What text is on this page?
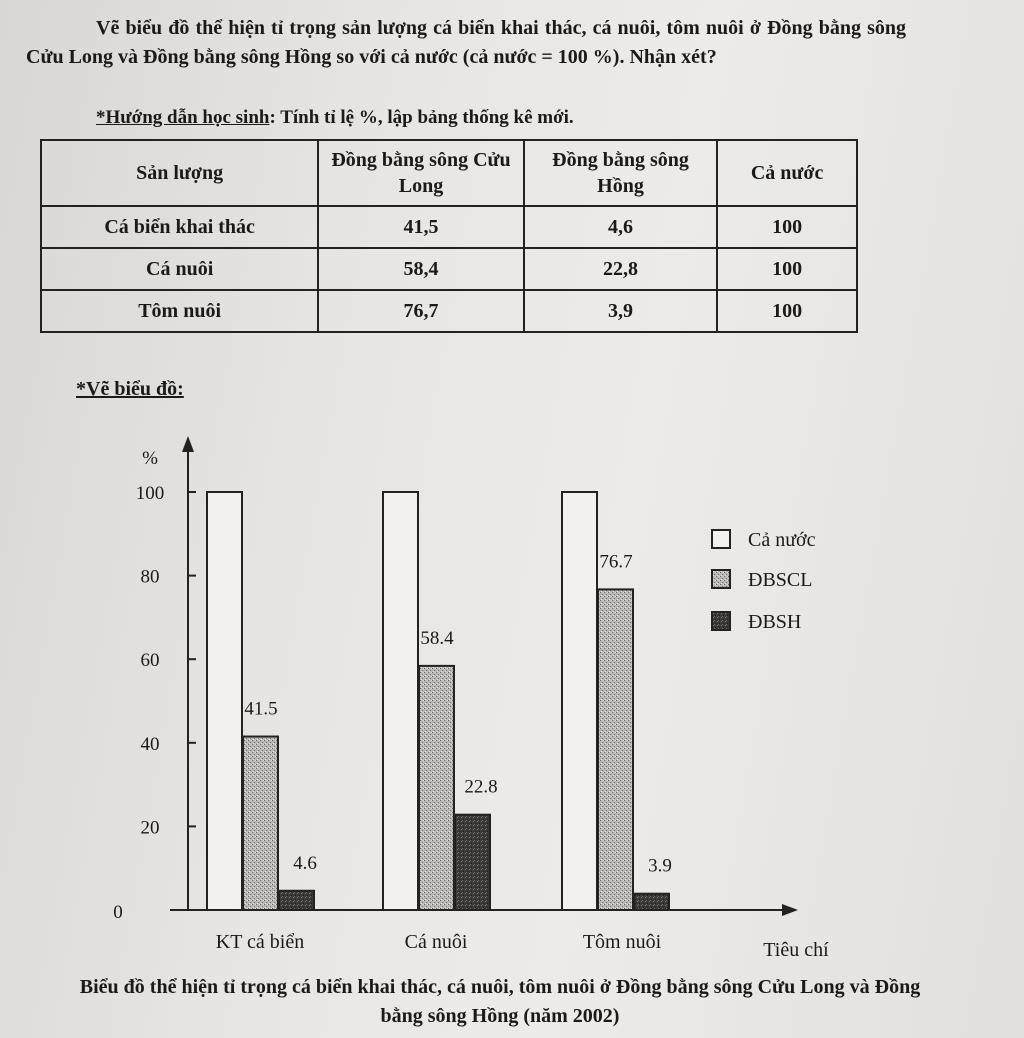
Vẽ biểu đồ thể hiện tỉ trọng sản lượng cá biển khai thác, cá nuôi, tôm nuôi ở Đồng bằng sông Cửu Long và Đồng bằng sông Hồng so với cả nước (cả nước = 100 %). Nhận xét?
*Hướng dẫn học sinh: Tính tỉ lệ %, lập bảng thống kê mới.
Sản lượng	Đồng bằng sông Cửu Long	Đồng bằng sông Hồng	Cả nước
Cá biển khai thác	41,5	4,6	100
Cá nuôi	58,4	22,8	100
Tôm nuôi	76,7	3,9	100
*Vẽ biểu đồ:
%
Tiêu chí
0
20
40
60
80
100
41.5
4.6
KT cá biển
58.4
22.8
Cá nuôi
76.7
3.9
Tôm nuôi
Cả nước
ĐBSCL
ĐBSH
Biểu đồ thể hiện tỉ trọng cá biển khai thác, cá nuôi, tôm nuôi ở Đồng bằng sông Cửu Long và Đồng bằng sông Hồng (năm 2002)
